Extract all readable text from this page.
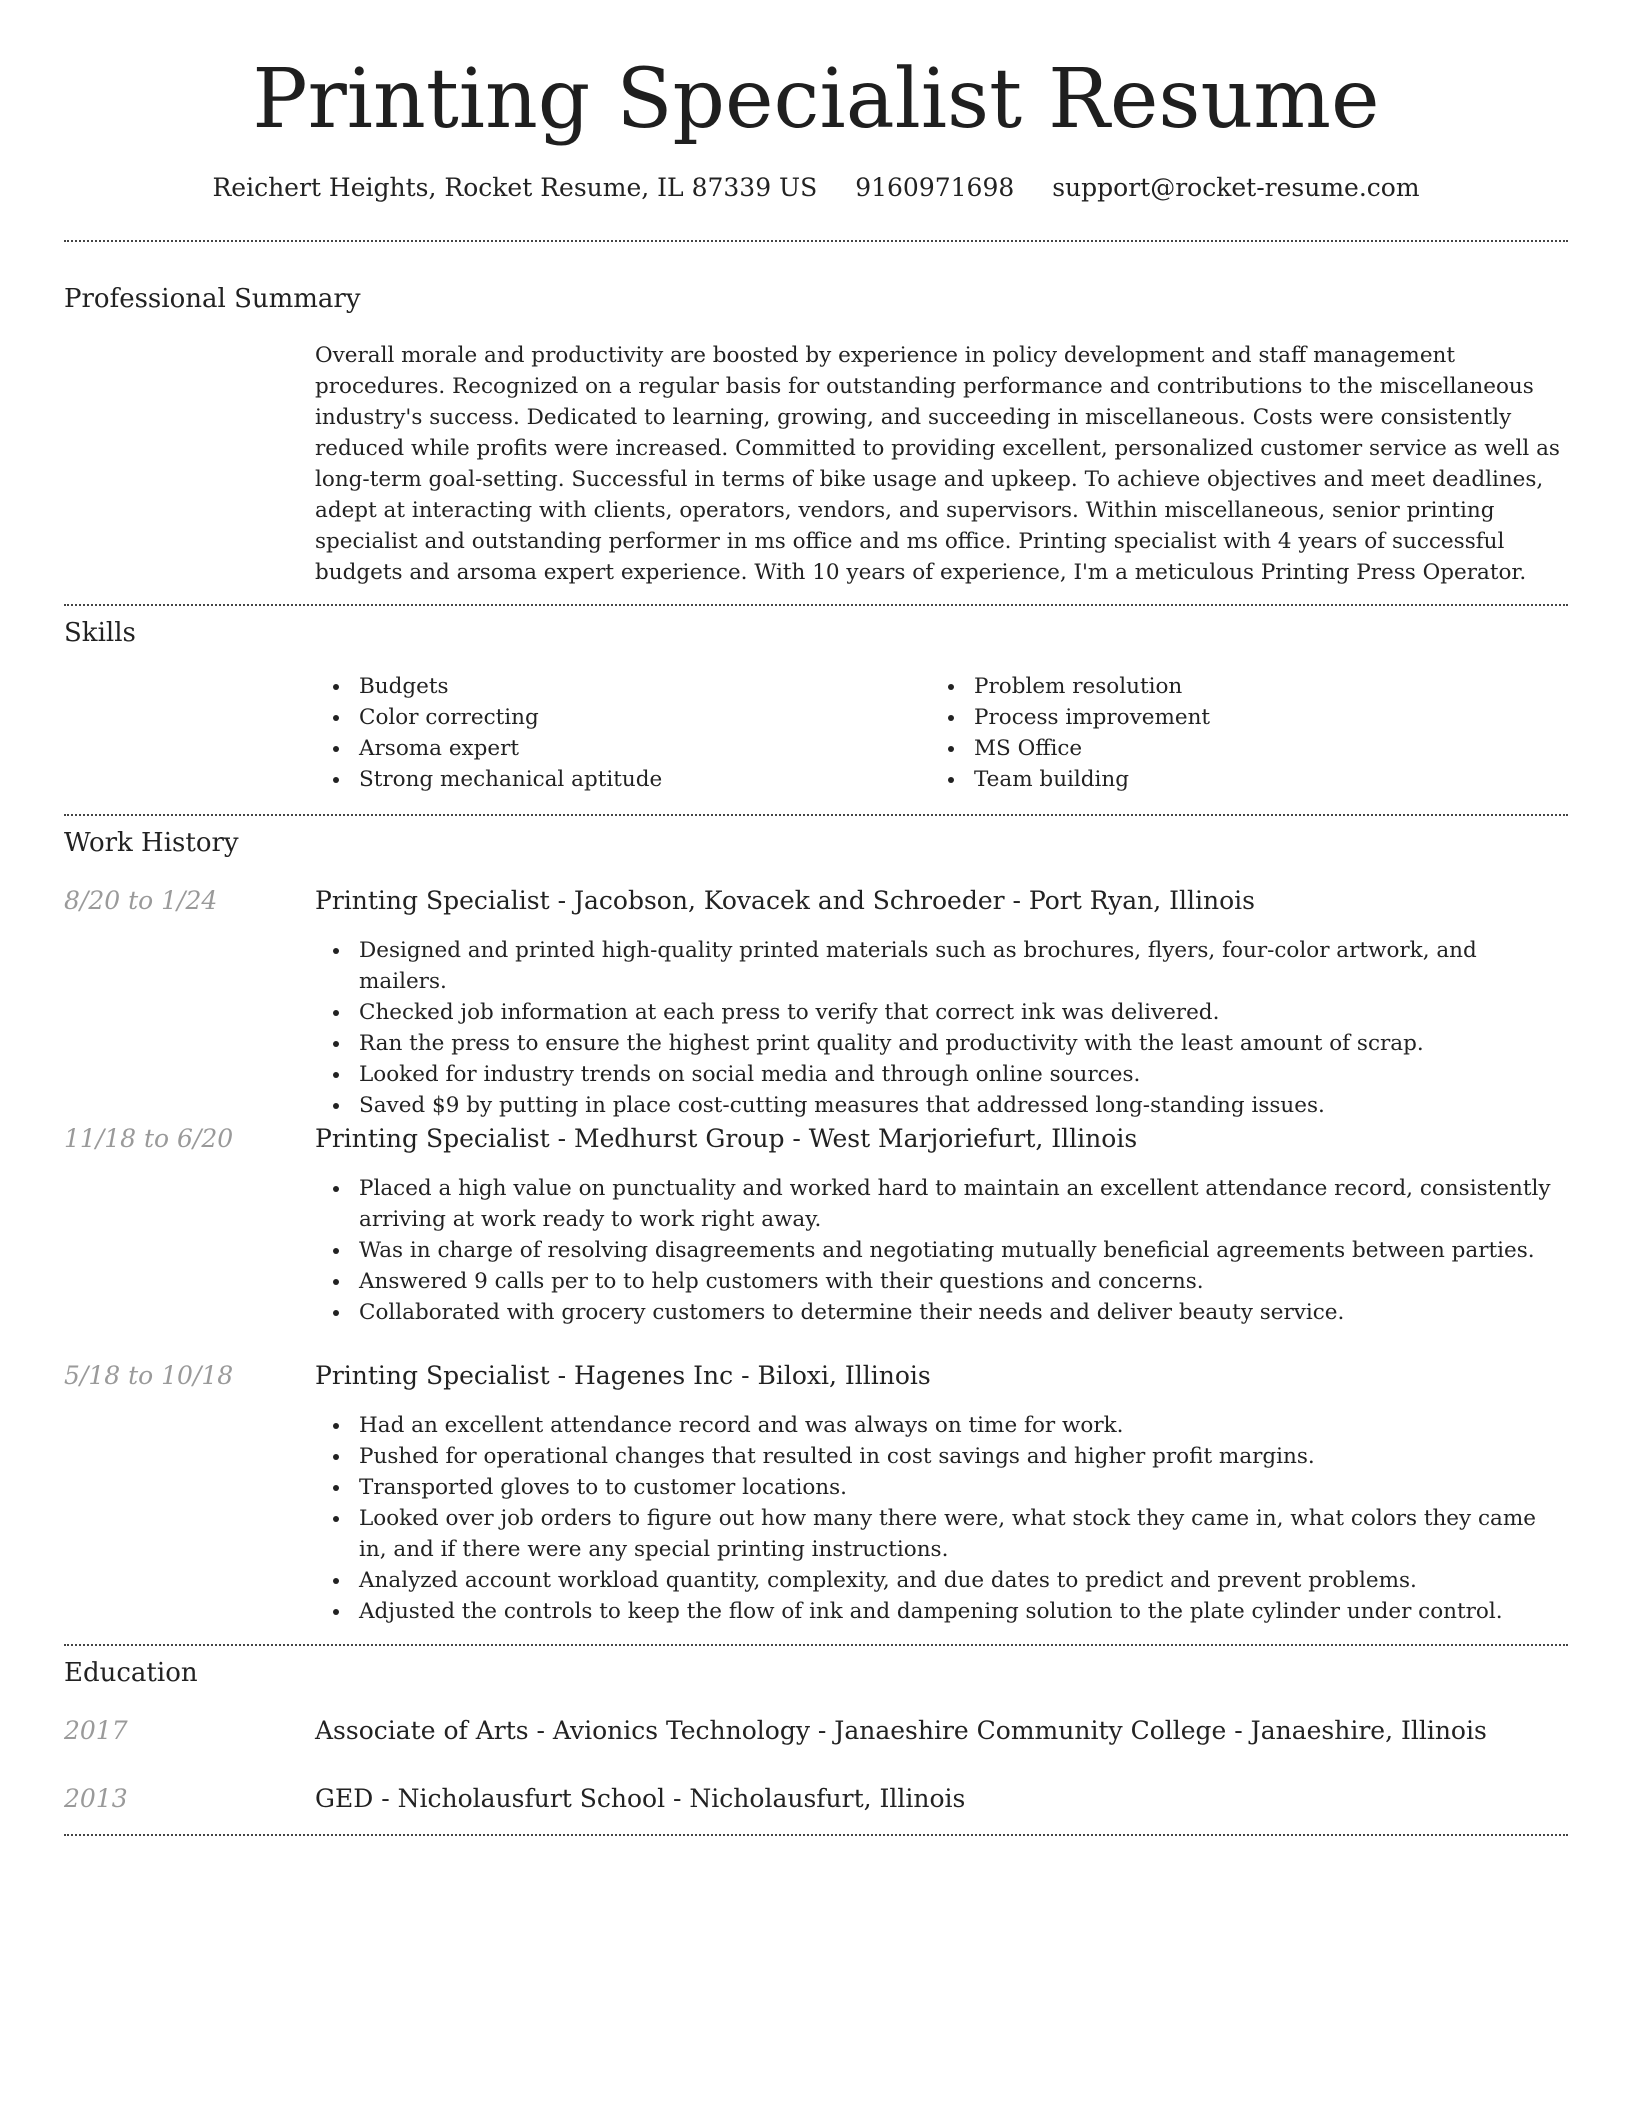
Printing Specialist Resume
Reichert Heights, Rocket Resume, IL 87339 US 9160971698 support@rocket-resume.com
Professional Summary
Overall morale and productivity are boosted by experience in policy development and staff management procedures. Recognized on a regular basis for outstanding performance and contributions to the miscellaneous industry's success. Dedicated to learning, growing, and succeeding in miscellaneous. Costs were consistently reduced while profits were increased. Committed to providing excellent, personalized customer service as well as long-term goal-setting. Successful in terms of bike usage and upkeep. To achieve objectives and meet deadlines, adept at interacting with clients, operators, vendors, and supervisors. Within miscellaneous, senior printing specialist and outstanding performer in ms office and ms office. Printing specialist with 4 years of successful budgets and arsoma expert experience. With 10 years of experience, I'm a meticulous Printing Press Operator.
Skills
Budgets
Color correcting
Arsoma expert
Strong mechanical aptitude
Problem resolution
Process improvement
MS Office
Team building
Work History
8/20 to 1/24	Printing Specialist - Jacobson, Kovacek and Schroeder - Port Ryan, Illinois
Designed and printed high-quality printed materials such as brochures, flyers, four-color artwork, and mailers.
Checked job information at each press to verify that correct ink was delivered.
Ran the press to ensure the highest print quality and productivity with the least amount of scrap.
Looked for industry trends on social media and through online sources.
Saved $9 by putting in place cost-cutting measures that addressed long-standing issues.
11/18 to 6/20	Printing Specialist - Medhurst Group - West Marjoriefurt, Illinois
Placed a high value on punctuality and worked hard to maintain an excellent attendance record, consistently arriving at work ready to work right away.
Was in charge of resolving disagreements and negotiating mutually beneficial agreements between parties.
Answered 9 calls per to to help customers with their questions and concerns.
Collaborated with grocery customers to determine their needs and deliver beauty service.
5/18 to 10/18	Printing Specialist - Hagenes Inc - Biloxi, Illinois
Had an excellent attendance record and was always on time for work.
Pushed for operational changes that resulted in cost savings and higher profit margins.
Transported gloves to to customer locations.
Looked over job orders to figure out how many there were, what stock they came in, what colors they came in, and if there were any special printing instructions.
Analyzed account workload quantity, complexity, and due dates to predict and prevent problems.
Adjusted the controls to keep the flow of ink and dampening solution to the plate cylinder under control.
Education
2017	Associate of Arts - Avionics Technology - Janaeshire Community College - Janaeshire, Illinois
2013	GED - Nicholausfurt School - Nicholausfurt, Illinois
